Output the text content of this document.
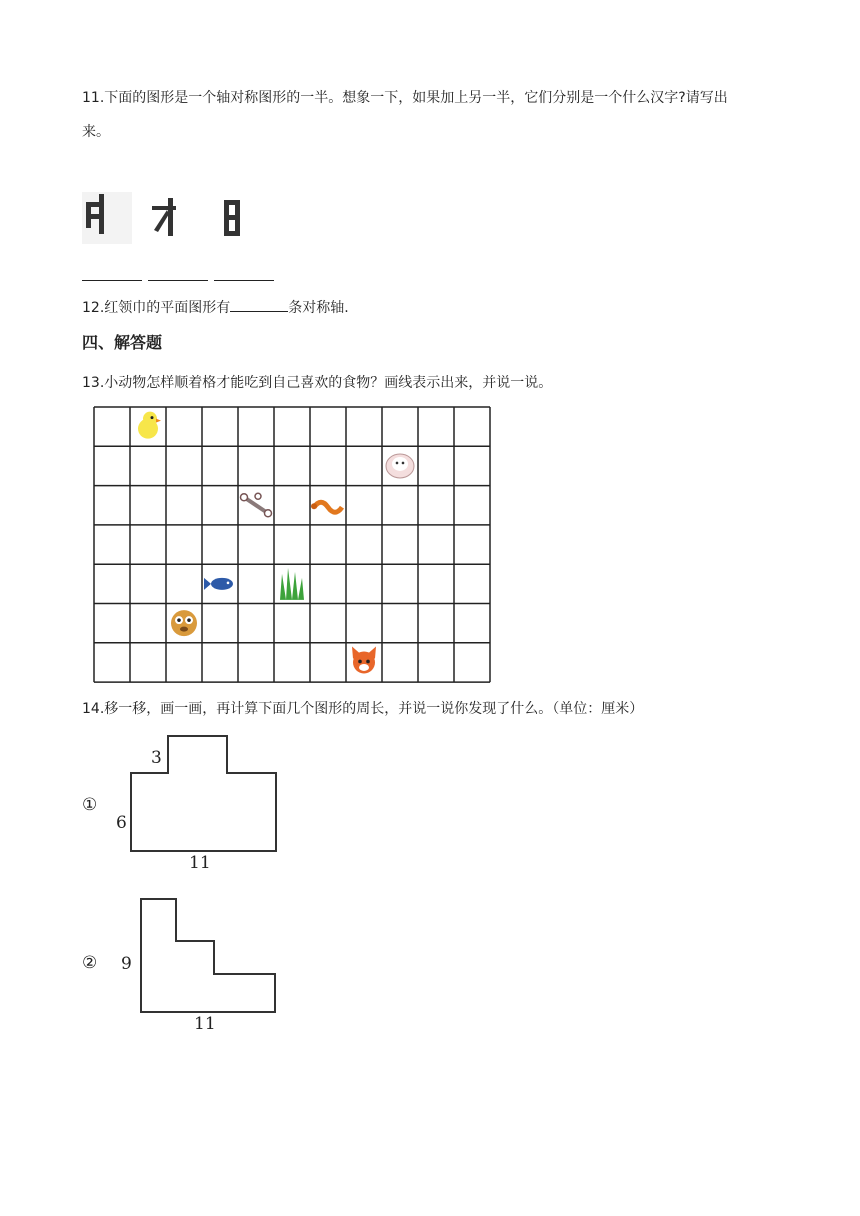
11.下面的图形是一个轴对称图形的一半。想象一下，如果加上另一半，它们分别是一个什么汉字?请写出
来。
12.红领巾的平面图形有	条对称轴.
四、解答题
13.小动物怎样顺着格才能吃到自己喜欢的食物？画线表示出来，并说一说。
14.移一移，画一画，再计算下面几个图形的周长，并说一说你发现了什么。（单位：厘米）
①
3
6
11
② 9
11
